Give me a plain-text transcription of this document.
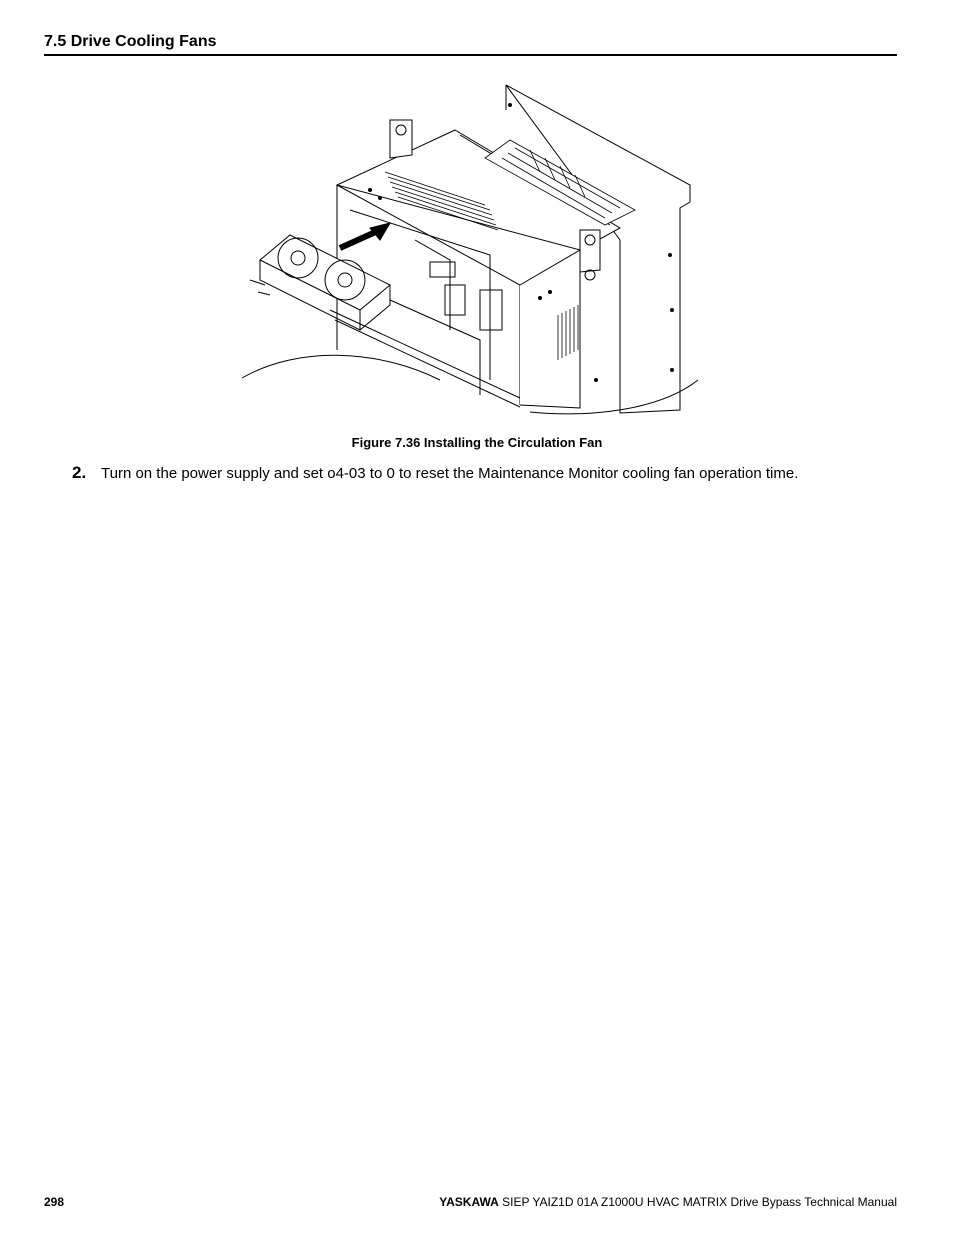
7.5 Drive Cooling Fans
Figure 7.36 Installing the Circulation Fan
2. Turn on the power supply and set o4-03 to 0 to reset the Maintenance Monitor cooling fan operation time.
298	YASKAWA SIEP YAIZ1D 01A Z1000U HVAC MATRIX Drive Bypass Technical Manual
